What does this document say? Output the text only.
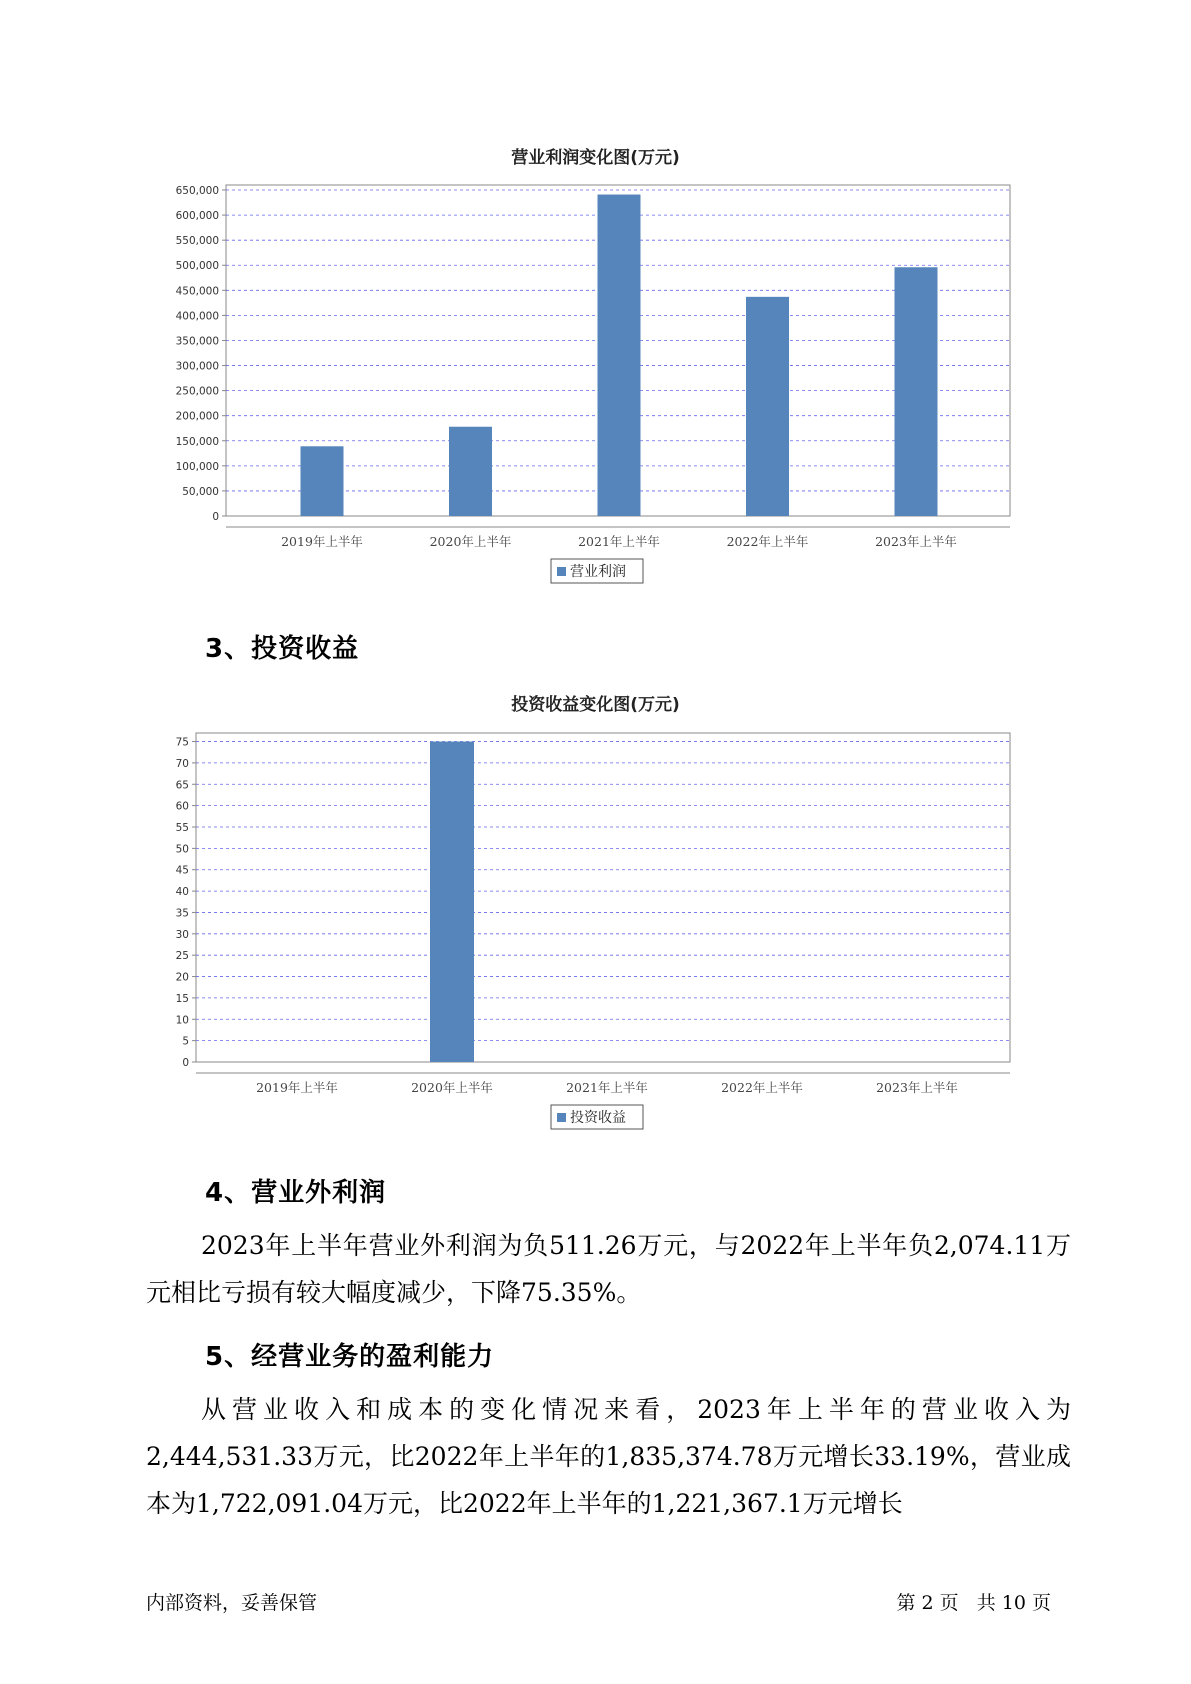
营业利润变化图(万元)
0
50,000
100,000
150,000
200,000
250,000
300,000
350,000
400,000
450,000
500,000
550,000
600,000
650,000
2019年上半年	2020年上半年	2021年上半年	2022年上半年	2023年上半年
营业利润
3、投资收益
投资收益变化图(万元)
0
5
10
15
20
25
30
35
40
45
50
55
60
65
70
75
2019年上半年	2020年上半年	2021年上半年	2022年上半年	2023年上半年
投资收益
4、营业外利润

2023年上半年营业外利润为负511.26万元，与2022年上半年负2,074.11万元相比亏损有较大幅度减少，下降75.35%。

5、经营业务的盈利能力

从营业收入和成本的变化情况来看，2023年上半年的营业收入为2,444,531.33万元，比2022年上半年的1,835,374.78万元增长33.19%，营业成本为1,722,091.04万元，比2022年上半年的1,221,367.1万元增长

内部资料，妥善保管	第 2 页   共 10 页
